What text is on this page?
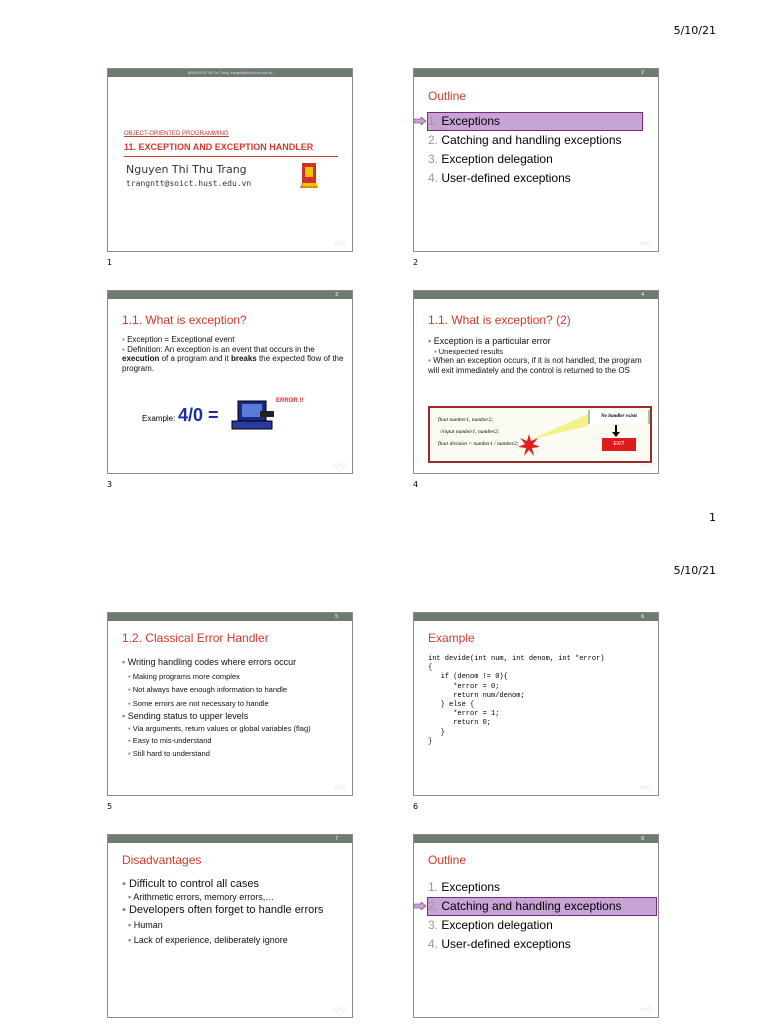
5/10/21
1
@NGUYEN Thi Thu Trang, trangntt@soict.hust.edu.vn
OBJECT-ORIENTED PROGRAMMING
11. EXCEPTION AND EXCEPTION HANDLER
Nguyen Thi Thu Trang
trangntt@soict.hust.edu.vn	BÁCH KHOA
▭◇
1
2
Outline
1. Exceptions
2. Catching and handling exceptions
3. Exception delegation
4. User-defined exceptions
▭◇
2
3
1.1. What is exception?
▪ Exception = Exceptional event
▪ Definition: An exception is an event that occurs in the execution of a program and it breaks the expected flow of the program.
Example: 4/0 =
ERROR !!
▭◇
3
4
1.1. What is exception? (2)
▪ Exception is a particular error
▪ Unexpected results
▪ When an exception occurs, if it is not handled, the program will exit immediately and the control is returned to the OS
float number1, number2;
//input number1, number2;
float division = number1 / number2;
No handler exists
EXIT
▭◇
4
5/10/21
5
1.2. Classical Error Handler
▪ Writing handling codes where errors occur
▪ Making programs more complex
▪ Not always have enough information to handle
▪ Some errors are not necessary to handle
▪ Sending status to upper levels
▪ Via arguments, return values or global variables (flag)
▪ Easy to mis-understand
▪ Still hard to understand
▭◇
5
6
Example
int devide(int num, int denom, int *error)
{
if (denom != 0){
*error = 0;
return num/denom;
} else {
*error = 1;
return 0;
}
}
▭◇
6
7
Disadvantages
▪ Difficult to control all cases
▪ Arithmetic errors, memory errors,…
▪ Developers often forget to handle errors
▪ Human
▪ Lack of experience, deliberately ignore
▭◇
8
Outline
1. Exceptions
2. Catching and handling exceptions
3. Exception delegation
4. User-defined exceptions
▭◇
